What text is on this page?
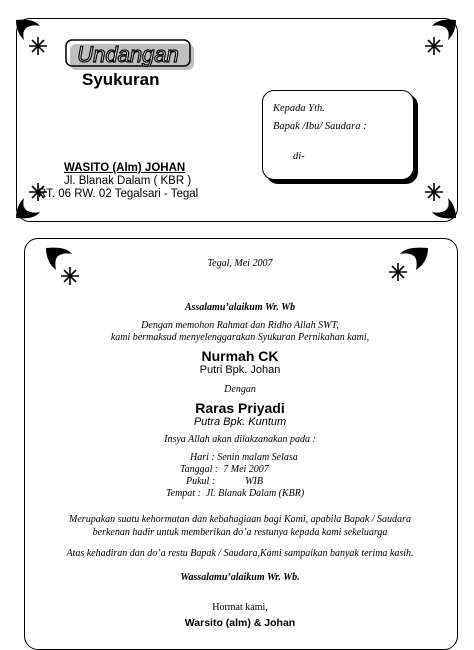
Undangan
Syukuran
Kepada Yth.
Bapak /Ibu/ Saudara :
di-
WASITO (Alm) JOHAN
Jl. Blanak Dalam ( KBR )
RT. 06 RW. 02 Tegalsari - Tegal
Tegal, Mei 2007
Assalamu’alaikum Wr. Wb
Dengan memohon Rahmat dan Ridho Allah SWT,
kami bermaksud menyelenggarakan Syukuran Pernikahan kami,
Nurmah CK
Putri Bpk. Johan
Dengan
Raras Priyadi
Putra Bpk. Kuntum
Insya Allah akan dilakzanakan pada :
Hari : Senin malam Selasa
Tanggal :  7 Mei 2007
Pukul :            WIB
Tempat :  Jl. Blanak Dalam (KBR)
Merupakan suatu kehormatan dan kebahagiaan bagi Kami, apabila Bapak / Saudara
berkenan hadir untuk memberikan do’a restunya kepada kami sekeluarga
Atas kehadiran dan do’a restu Bapak / Saudara,Kami sampaikan banyak terima kasih.
Wassalamu’alaikum Wr. Wb.
Hormat kami,
Warsito (alm) & Johan
